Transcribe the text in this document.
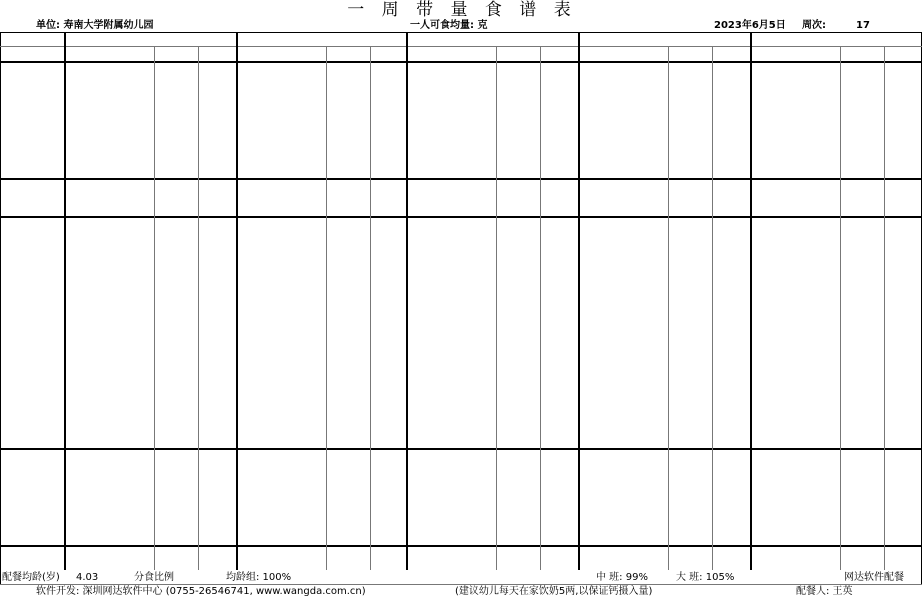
一 周 带 量 食 谱 表
单位: 寿南大学附属幼儿园	一人可食均量: 克	2023年6月5日 周次:	17
配餐均龄(岁) 4.03	分食比例	均龄组: 100%	中 班: 99%	大 班: 105%	网达软件配餐
软件开发: 深圳网达软件中心 (0755-26546741, www.wangda.com.cn)	(建议幼儿每天在家饮奶5两,以保证钙摄入量)	配餐人: 王英
